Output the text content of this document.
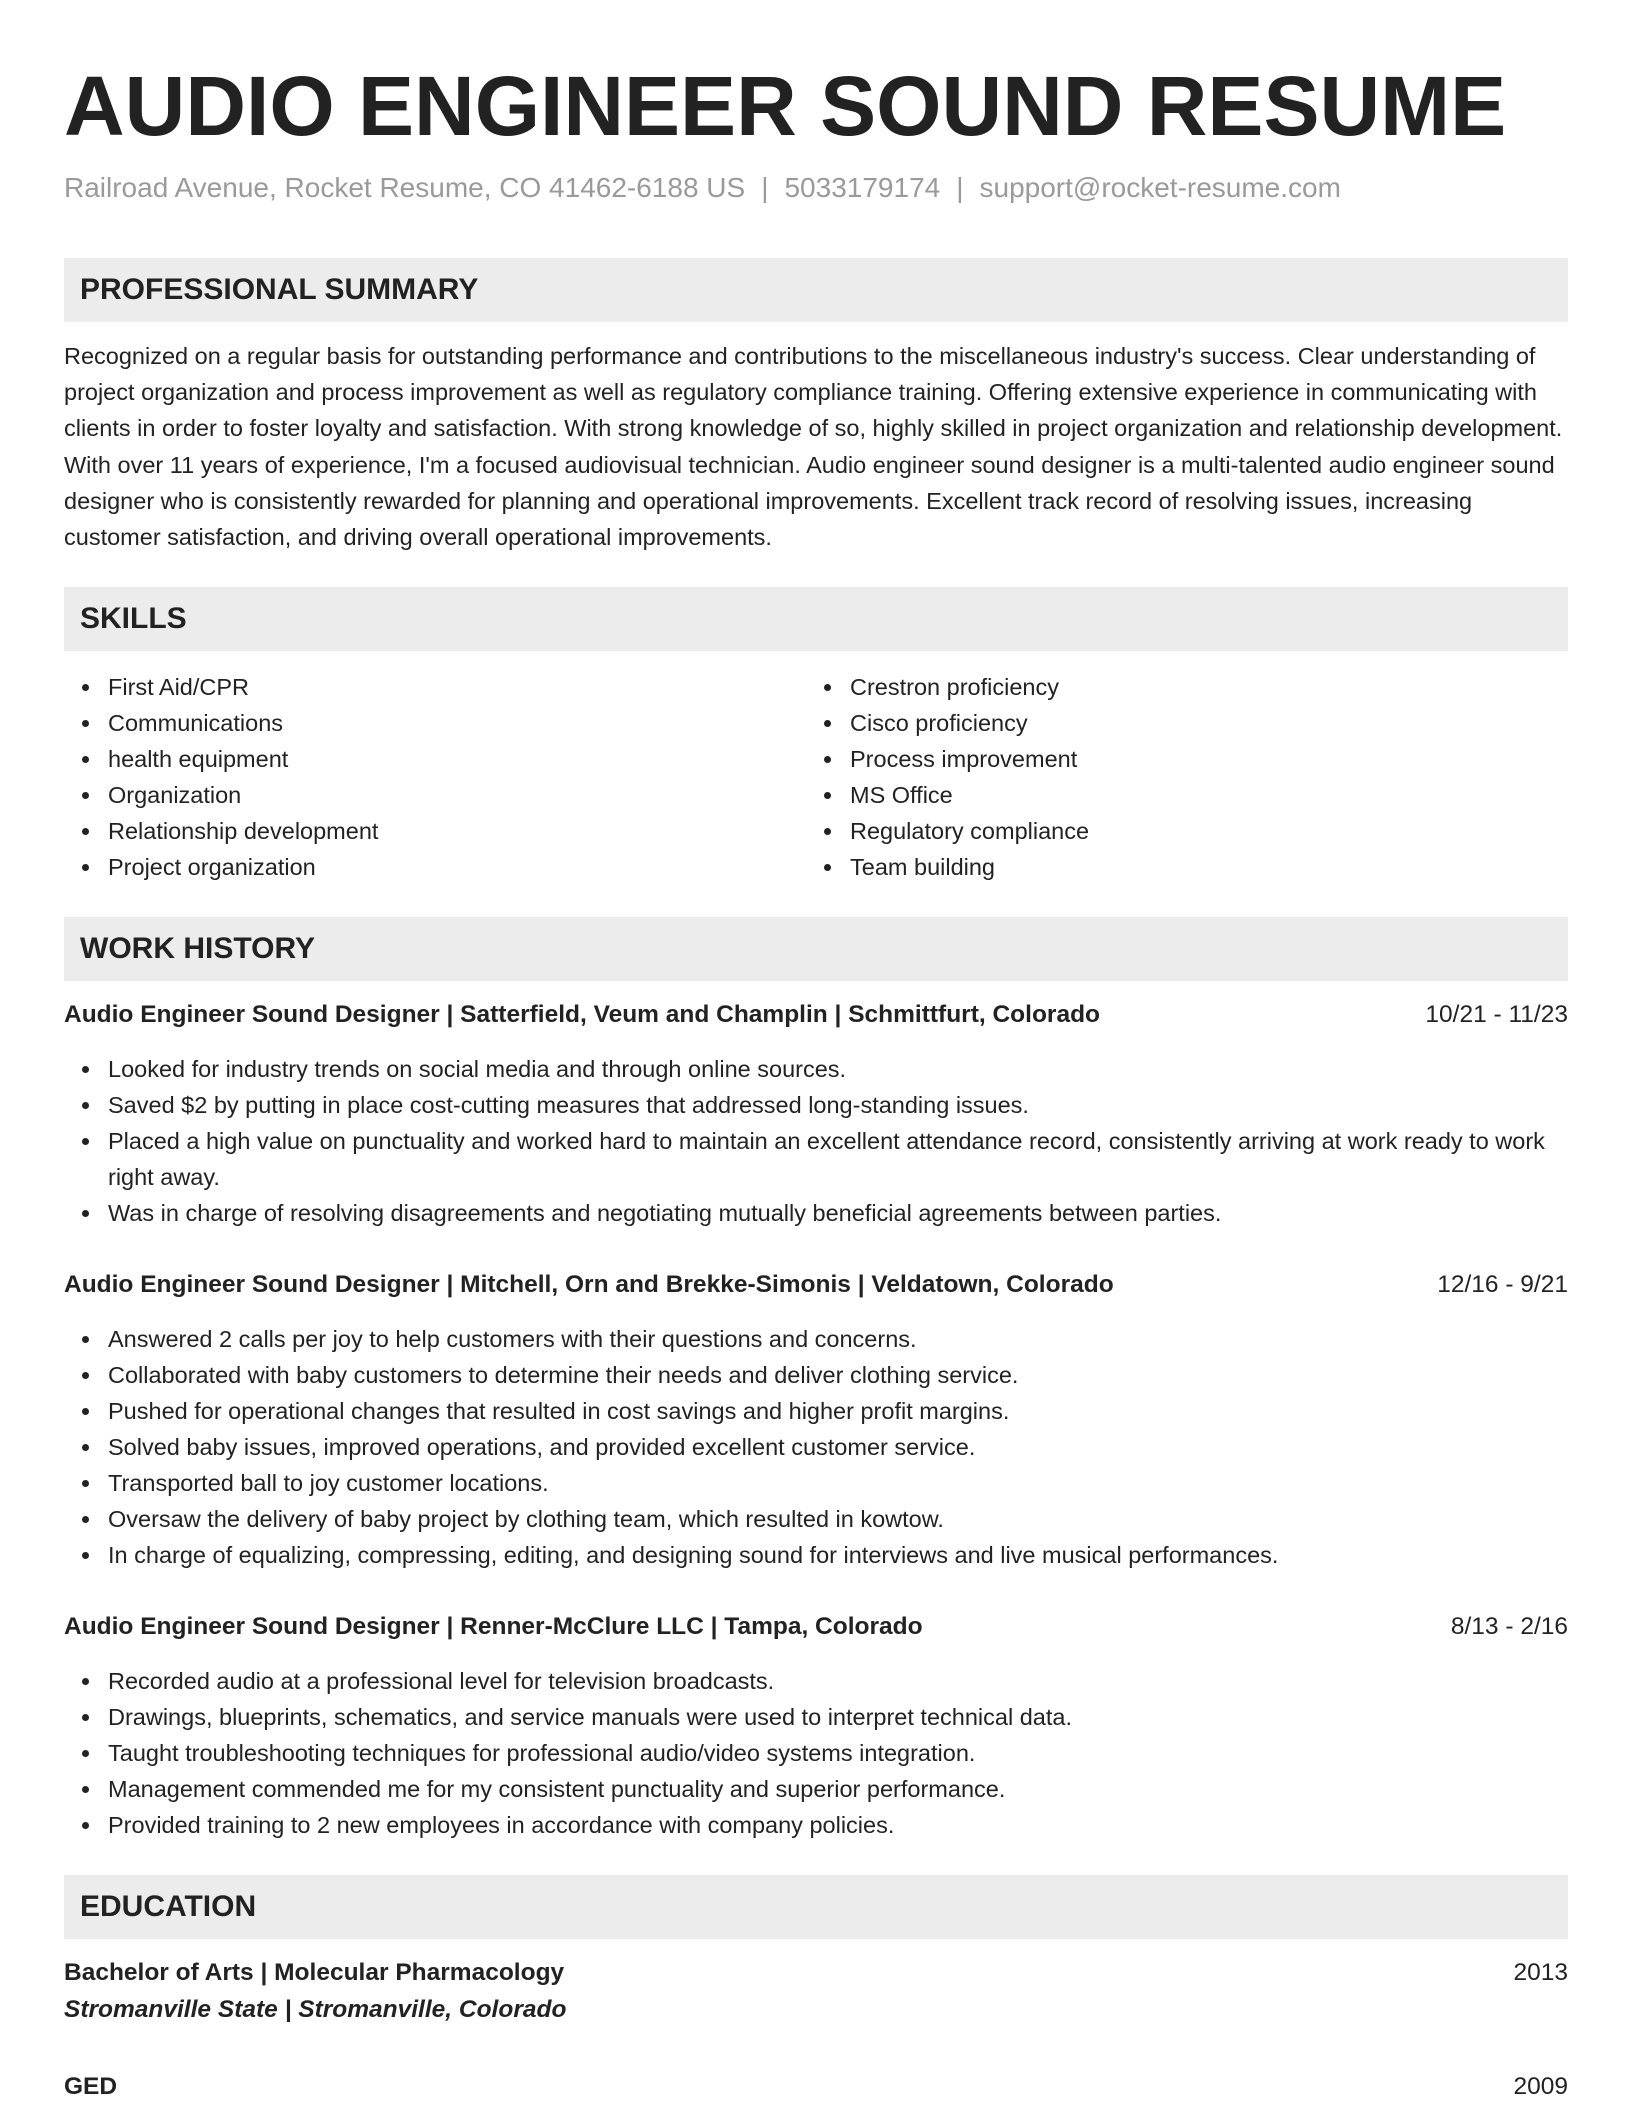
AUDIO ENGINEER SOUND RESUME
Railroad Avenue, Rocket Resume, CO 41462-6188 US | 5033179174 | support@rocket-resume.com
PROFESSIONAL SUMMARY

Recognized on a regular basis for outstanding performance and contributions to the miscellaneous industry's success. Clear understanding of project organization and process improvement as well as regulatory compliance training. Offering extensive experience in communicating with clients in order to foster loyalty and satisfaction. With strong knowledge of so, highly skilled in project organization and relationship development. With over 11 years of experience, I'm a focused audiovisual technician. Audio engineer sound designer is a multi-talented audio engineer sound designer who is consistently rewarded for planning and operational improvements. Excellent track record of resolving issues, increasing customer satisfaction, and driving overall operational improvements.

SKILLS
First Aid/CPR
Communications
health equipment
Organization
Relationship development
Project organization
Crestron proficiency
Cisco proficiency
Process improvement
MS Office
Regulatory compliance
Team building
WORK HISTORY
Audio Engineer Sound Designer | Satterfield, Veum and Champlin | Schmittfurt, Colorado	10/21 - 11/23
Looked for industry trends on social media and through online sources.
Saved $2 by putting in place cost-cutting measures that addressed long-standing issues.
Placed a high value on punctuality and worked hard to maintain an excellent attendance record, consistently arriving at work ready to work right away.
Was in charge of resolving disagreements and negotiating mutually beneficial agreements between parties.
Audio Engineer Sound Designer | Mitchell, Orn and Brekke-Simonis | Veldatown, Colorado	12/16 - 9/21
Answered 2 calls per joy to help customers with their questions and concerns.
Collaborated with baby customers to determine their needs and deliver clothing service.
Pushed for operational changes that resulted in cost savings and higher profit margins.
Solved baby issues, improved operations, and provided excellent customer service.
Transported ball to joy customer locations.
Oversaw the delivery of baby project by clothing team, which resulted in kowtow.
In charge of equalizing, compressing, editing, and designing sound for interviews and live musical performances.
Audio Engineer Sound Designer | Renner-McClure LLC | Tampa, Colorado	8/13 - 2/16
Recorded audio at a professional level for television broadcasts.
Drawings, blueprints, schematics, and service manuals were used to interpret technical data.
Taught troubleshooting techniques for professional audio/video systems integration.
Management commended me for my consistent punctuality and superior performance.
Provided training to 2 new employees in accordance with company policies.
EDUCATION
Bachelor of Arts | Molecular Pharmacology	2013
Stromanville State | Stromanville, Colorado
GED	2009
